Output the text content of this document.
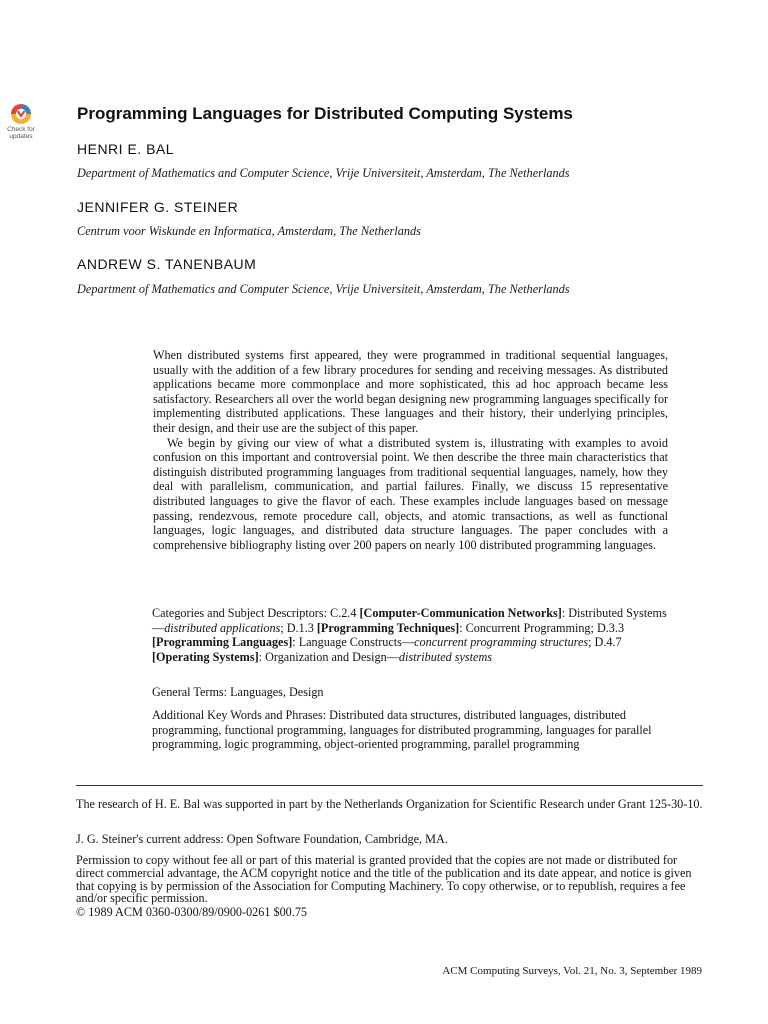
Check for
updates
Programming Languages for Distributed Computing Systems
HENRI E. BAL
Department of Mathematics and Computer Science, Vrije Universiteit, Amsterdam, The Netherlands
JENNIFER G. STEINER
Centrum voor Wiskunde en Informatica, Amsterdam, The Netherlands
ANDREW S. TANENBAUM
Department of Mathematics and Computer Science, Vrije Universiteit, Amsterdam, The Netherlands

When distributed systems first appeared, they were programmed in traditional sequential languages, usually with the addition of a few library procedures for sending and receiving messages. As distributed applications became more commonplace and more sophisticated, this ad hoc approach became less satisfactory. Researchers all over the world began designing new programming languages specifically for implementing distributed applications. These languages and their history, their underlying principles, their design, and their use are the subject of this paper.

We begin by giving our view of what a distributed system is, illustrating with examples to avoid confusion on this important and controversial point. We then describe the three main characteristics that distinguish distributed programming languages from traditional sequential languages, namely, how they deal with parallelism, communication, and partial failures. Finally, we discuss 15 representative distributed languages to give the flavor of each. These examples include languages based on message passing, rendezvous, remote procedure call, objects, and atomic transactions, as well as functional languages, logic languages, and distributed data structure languages. The paper concludes with a comprehensive bibliography listing over 200 papers on nearly 100 distributed programming languages.

Categories and Subject Descriptors: C.2.4 [Computer-Communication Networks]: Distributed Systems—distributed applications; D.1.3 [Programming Techniques]: Concurrent Programming; D.3.3 [Programming Languages]: Language Constructs—concurrent programming structures; D.4.7 [Operating Systems]: Organization and Design—distributed systems

General Terms: Languages, Design

Additional Key Words and Phrases: Distributed data structures, distributed languages, distributed programming, functional programming, languages for distributed programming, languages for parallel programming, logic programming, object-oriented programming, parallel programming

The research of H. E. Bal was supported in part by the Netherlands Organization for Scientific Research under Grant 125-30-10.

J. G. Steiner's current address: Open Software Foundation, Cambridge, MA.

Permission to copy without fee all or part of this material is granted provided that the copies are not made or distributed for direct commercial advantage, the ACM copyright notice and the title of the publication and its date appear, and notice is given that copying is by permission of the Association for Computing Machinery. To copy otherwise, or to republish, requires a fee and/or specific permission.

© 1989 ACM 0360-0300/89/0900-0261 $00.75

ACM Computing Surveys, Vol. 21, No. 3, September 1989
